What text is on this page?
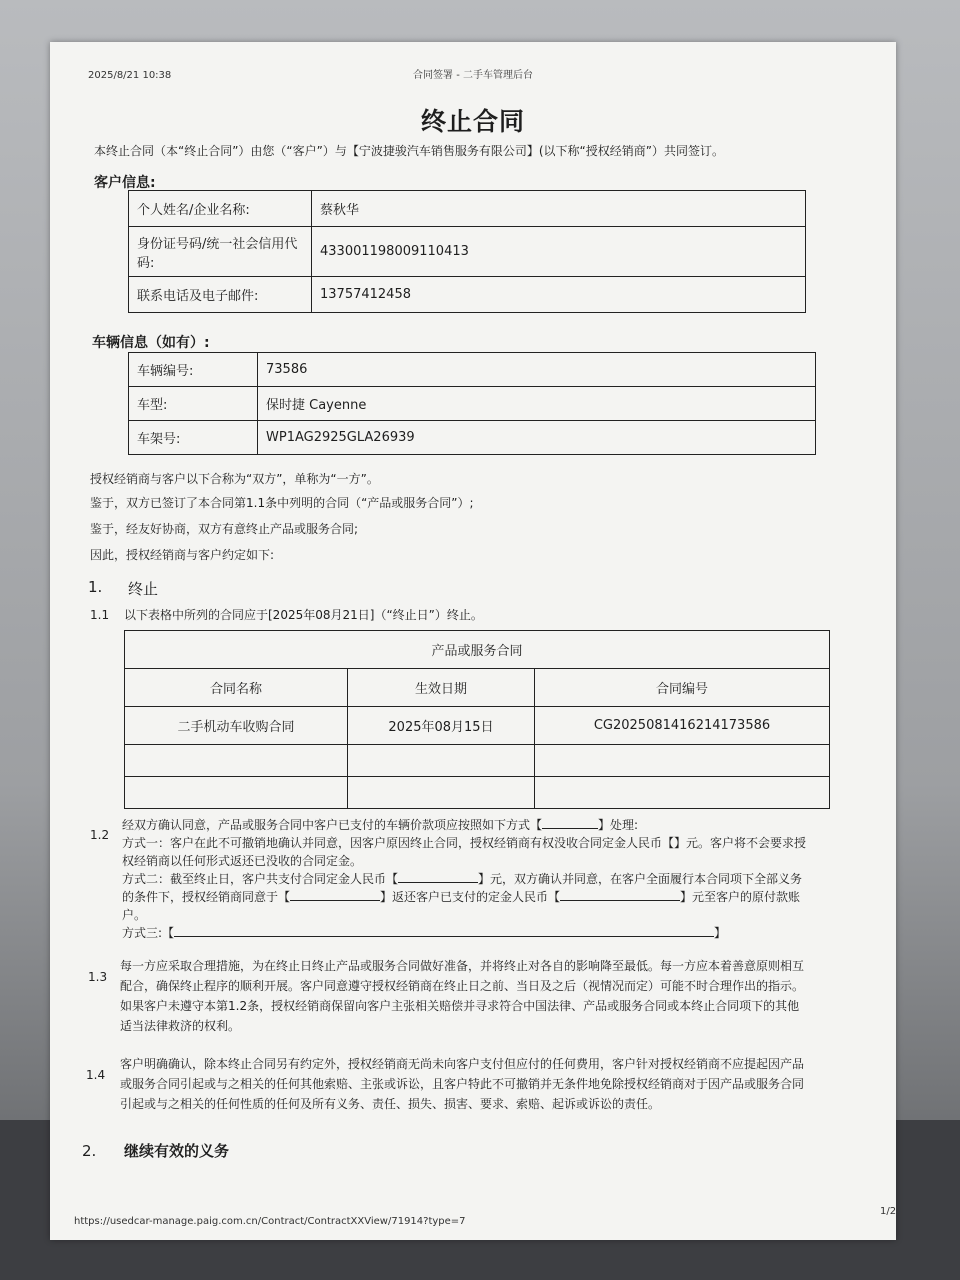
2025/8/21 10:38	合同签署 - 二手车管理后台
终止合同
本终止合同（本“终止合同”）由您（“客户”）与【宁波捷骏汽车销售服务有限公司】(以下称“授权经销商”）共同签订。
客户信息:
个人姓名/企业名称:	蔡秋华
身份证号码/统一社会信用代码:	433001198009110413
联系电话及电子邮件:	13757412458
车辆信息（如有）:
车辆编号:	73586
车型:	保时捷 Cayenne
车架号:	WP1AG2925GLA26939
授权经销商与客户以下合称为“双方”，单称为“一方”。
鉴于，双方已签订了本合同第1.1条中列明的合同（“产品或服务合同”）;
鉴于，经友好协商，双方有意终止产品或服务合同;
因此，授权经销商与客户约定如下:
1. 终止
1.1 以下表格中所列的合同应于[2025年08月21日]（“终止日”）终止。
产品或服务合同		
合同名称	生效日期	合同编号
二手机动车收购合同	2025年08月15日	CG2025081416214173586

1.2
经双方确认同意，产品或服务合同中客户已支付的车辆价款项应按照如下方式【	】处理:
方式一：客户在此不可撤销地确认并同意，因客户原因终止合同，授权经销商有权没收合同定金人民币【】元。客户将不会要求授
权经销商以任何形式返还已没收的合同定金。
方式二：截至终止日，客户共支付合同定金人民币【	】元，双方确认并同意，在客户全面履行本合同项下全部义务
的条件下，授权经销商同意于【	】返还客户已支付的定金人民币【	】元至客户的原付款账
户。
方式三:【	】
1.3
每一方应采取合理措施，为在终止日终止产品或服务合同做好准备，并将终止对各自的影响降至最低。每一方应本着善意原则相互
配合，确保终止程序的顺利开展。客户同意遵守授权经销商在终止日之前、当日及之后（视情况而定）可能不时合理作出的指示。
如果客户未遵守本第1.2条，授权经销商保留向客户主张相关赔偿并寻求符合中国法律、产品或服务合同或本终止合同项下的其他
适当法律救济的权利。
1.4
客户明确确认，除本终止合同另有约定外，授权经销商无尚未向客户支付但应付的任何费用，客户针对授权经销商不应提起因产品
或服务合同引起或与之相关的任何其他索赔、主张或诉讼，且客户特此不可撤销并无条件地免除授权经销商对于因产品或服务合同
引起或与之相关的任何性质的任何及所有义务、责任、损失、损害、要求、索赔、起诉或诉讼的责任。
2. 继续有效的义务
https://usedcar-manage.paig.com.cn/Contract/ContractXXView/71914?type=7
1/2
